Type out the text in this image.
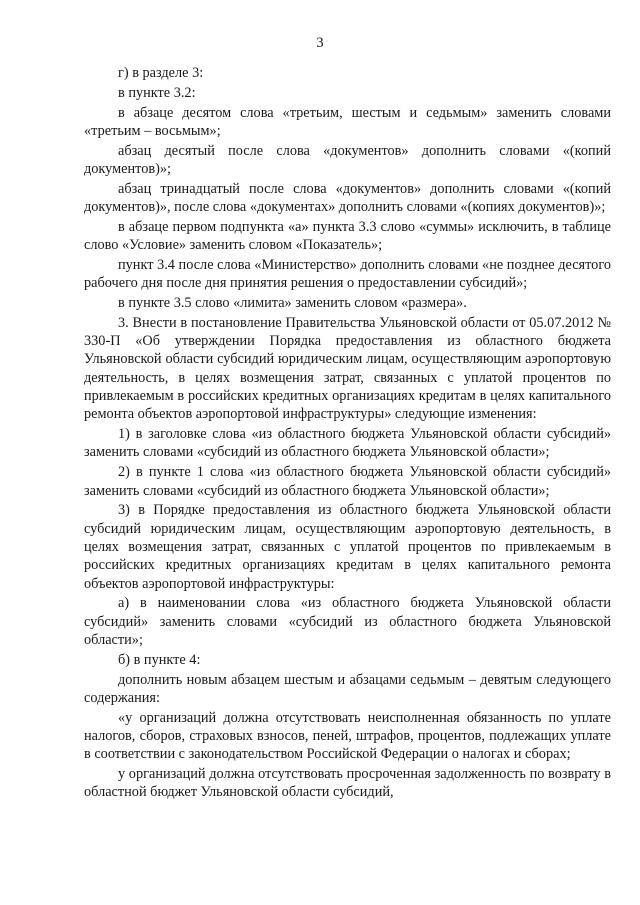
3

г) в разделе 3:

в пункте 3.2:

в абзаце десятом слова «третьим, шестым и седьмым» заменить словами «третьим – восьмым»;

абзац десятый после слова «документов» дополнить словами «(копий документов)»;

абзац тринадцатый после слова «документов» дополнить словами «(копий документов)», после слова «документах» дополнить словами «(копиях документов)»;

в абзаце первом подпункта «а» пункта 3.3 слово «суммы» исключить, в таблице слово «Условие» заменить словом «Показатель»;

пункт 3.4 после слова «Министерство» дополнить словами «не позднее десятого рабочего дня после дня принятия решения о предоставлении субсидий»;

в пункте 3.5 слово «лимита» заменить словом «размера».

3. Внести в постановление Правительства Ульяновской области от 05.07.2012 № 330-П «Об утверждении Порядка предоставления из областного бюджета Ульяновской области субсидий юридическим лицам, осуществляющим аэропортовую деятельность, в целях возмещения затрат, связанных с уплатой процентов по привлекаемым в российских кредитных организациях кредитам в целях капитального ремонта объектов аэропортовой инфраструктуры» следующие изменения:

1) в заголовке слова «из областного бюджета Ульяновской области субсидий» заменить словами «субсидий из областного бюджета Ульяновской области»;

2) в пункте 1 слова «из областного бюджета Ульяновской области субсидий» заменить словами «субсидий из областного бюджета Ульяновской области»;

3) в Порядке предоставления из областного бюджета Ульяновской области субсидий юридическим лицам, осуществляющим аэропортовую деятельность, в целях возмещения затрат, связанных с уплатой процентов по привлекаемым в российских кредитных организациях кредитам в целях капитального ремонта объектов аэропортовой инфраструктуры:

а) в наименовании слова «из областного бюджета Ульяновской области субсидий» заменить словами «субсидий из областного бюджета Ульяновской области»;

б) в пункте 4:

дополнить новым абзацем шестым и абзацами седьмым – девятым следующего содержания:

«у организаций должна отсутствовать неисполненная обязанность по уплате налогов, сборов, страховых взносов, пеней, штрафов, процентов, подлежащих уплате в соответствии с законодательством Российской Федерации о налогах и сборах;

у организаций должна отсутствовать просроченная задолженность по возврату в областной бюджет Ульяновской области субсидий,
